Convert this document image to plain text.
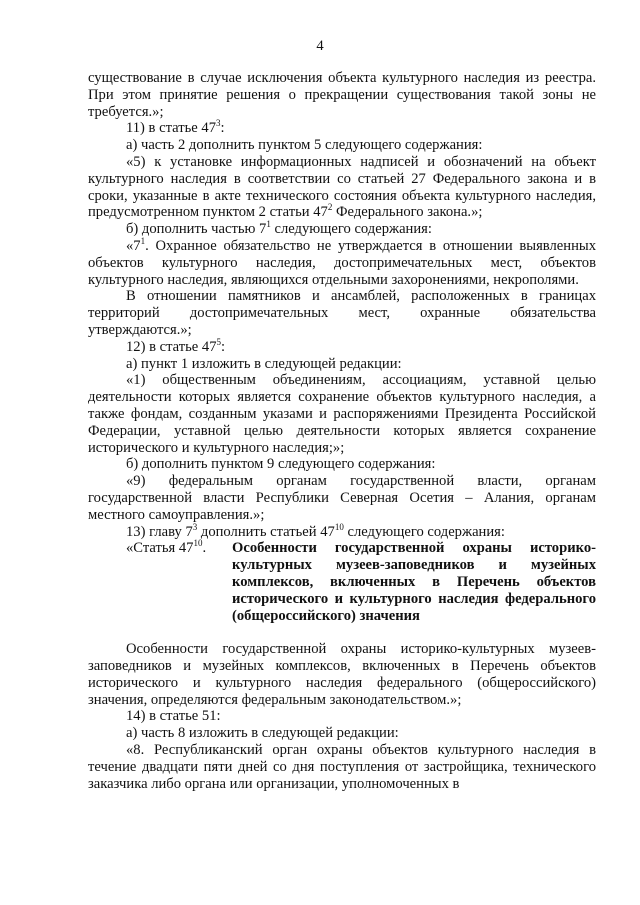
4

существование в случае исключения объекта культурного наследия из реестра. При этом принятие решения о прекращении существования такой зоны не требуется.»;

11) в статье $47^3$:

а) часть 2 дополнить пунктом 5 следующего содержания:

«5) к установке информационных надписей и обозначений на объект культурного наследия в соответствии со статьей 27 Федерального закона и в сроки, указанные в акте технического состояния объекта культурного наследия, предусмотренном пунктом 2 статьи $47^2$ Федерального закона.»;

б) дополнить частью $7^1$ следующего содержания:

«$7^1$. Охранное обязательство не утверждается в отношении выявленных объектов культурного наследия, достопримечательных мест, объектов культурного наследия, являющихся отдельными захоронениями, некрополями.

В отношении памятников и ансамблей, расположенных в границах территорий достопримечательных мест, охранные обязательства утверждаются.»;

12) в статье $47^5$:

а) пункт 1 изложить в следующей редакции:

«1) общественным объединениям, ассоциациям, уставной целью деятельности которых является сохранение объектов культурного наследия, а также фондам, созданным указами и распоряжениями Президента Российской Федерации, уставной целью деятельности которых является сохранение исторического и культурного наследия;»;

б) дополнить пунктом 9 следующего содержания:

«9) федеральным органам государственной власти, органам государственной власти Республики Северная Осетия – Алания, органам местного самоуправления.»;

13) главу $7^3$ дополнить статьей $47^{10}$ следующего содержания:

«Статья $47^{10}$.	Особенности государственной охраны историко-культурных музеев-заповедников и музейных комплексов, включенных в Перечень объектов исторического и культурного наследия федерального (общероссийского) значения

Особенности государственной охраны историко-культурных музеев-заповедников и музейных комплексов, включенных в Перечень объектов исторического и культурного наследия федерального (общероссийского) значения, определяются федеральным законодательством.»;

14) в статье 51:

а) часть 8 изложить в следующей редакции:

«8. Республиканский орган охраны объектов культурного наследия в течение двадцати пяти дней со дня поступления от застройщика, технического заказчика либо органа или организации, уполномоченных в
